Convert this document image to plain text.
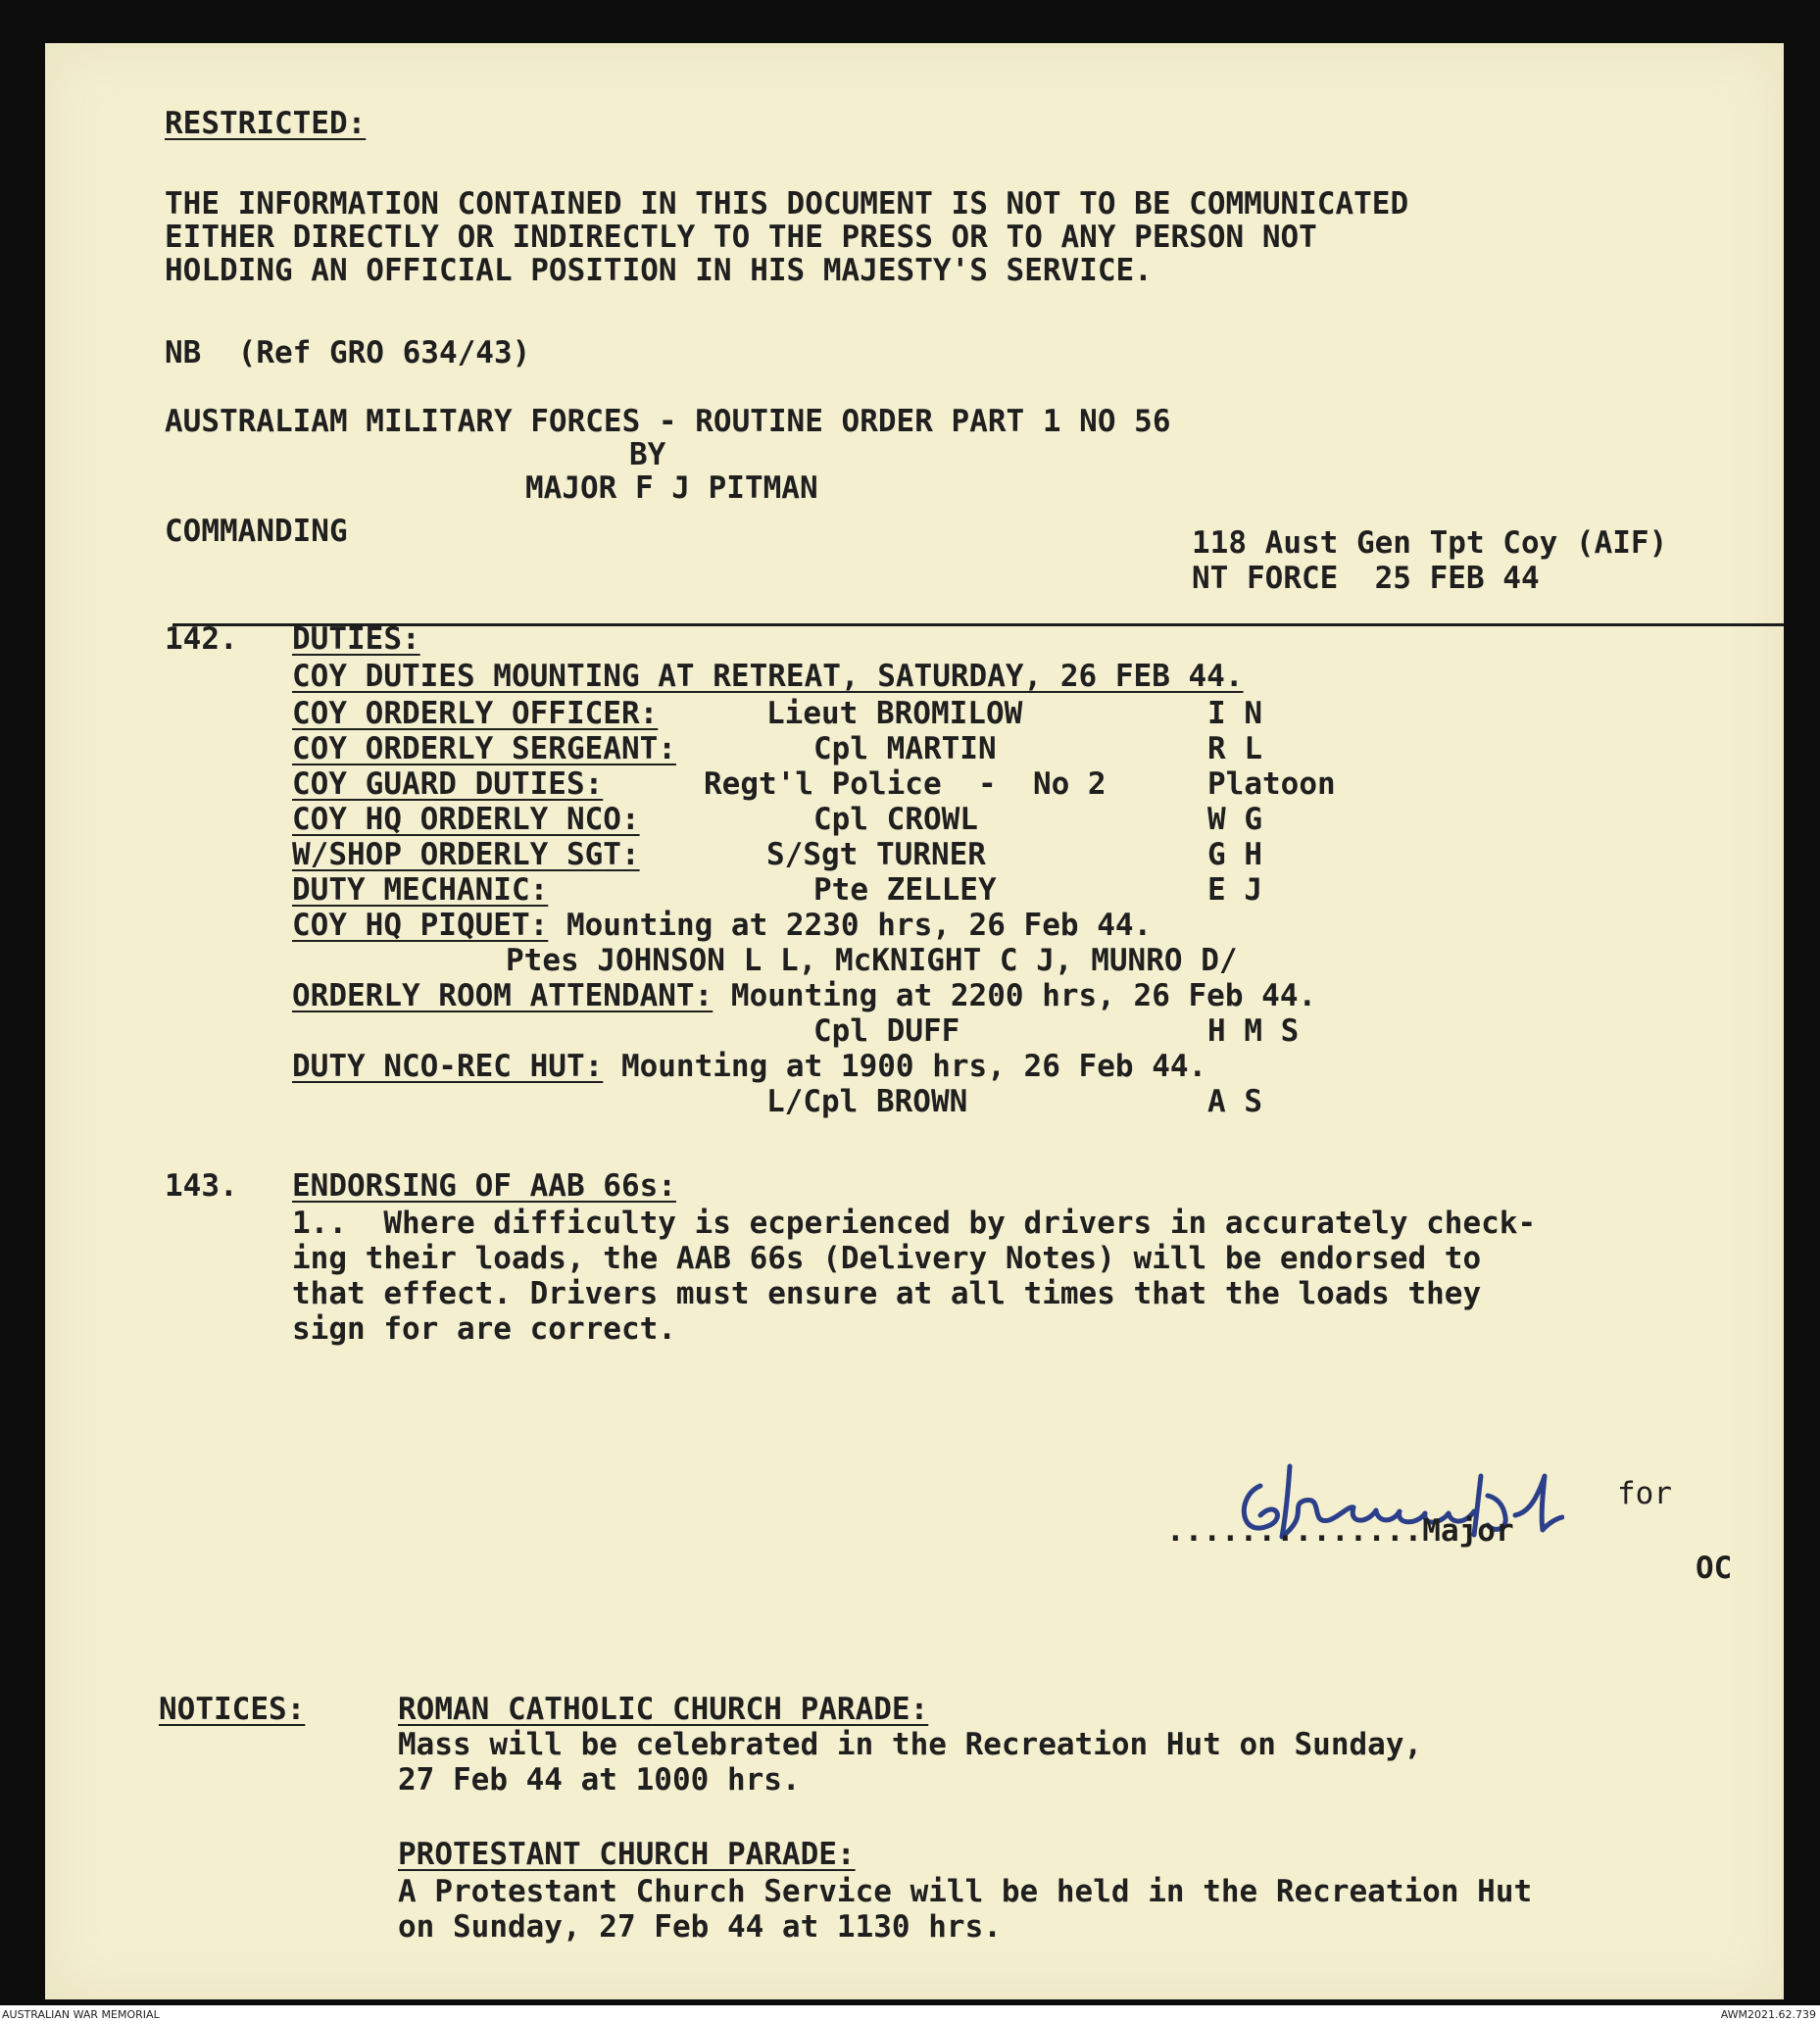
RESTRICTED:
THE INFORMATION CONTAINED IN THIS DOCUMENT IS NOT TO BE COMMUNICATED
EITHER DIRECTLY OR INDIRECTLY TO THE PRESS OR TO ANY PERSON NOT
HOLDING AN OFFICIAL POSITION IN HIS MAJESTY'S SERVICE.
NB  (Ref GRO 634/43)
AUSTRALIAM MILITARY FORCES - ROUTINE ORDER PART 1 NO 56
BY
MAJOR F J PITMAN
COMMANDING	118 Aust Gen Tpt Coy (AIF)
NT FORCE  25 FEB 44
142. DUTIES:
COY DUTIES MOUNTING AT RETREAT, SATURDAY, 26 FEB 44.
COY ORDERLY OFFICER:	Lieut BROMILOW	I N
COY ORDERLY SERGEANT:	Cpl MARTIN	R L
COY GUARD DUTIES:	Regt'l Police  -  No 2	Platoon
COY HQ ORDERLY NCO:	Cpl CROWL	W G
W/SHOP ORDERLY SGT:	S/Sgt TURNER	G H
DUTY MECHANIC:	Pte ZELLEY	E J
COY HQ PIQUET: Mounting at 2230 hrs, 26 Feb 44.
Ptes JOHNSON L L, McKNIGHT C J, MUNRO D/
ORDERLY ROOM ATTENDANT: Mounting at 2200 hrs, 26 Feb 44.
Cpl DUFF	H M S
DUTY NCO-REC HUT: Mounting at 1900 hrs, 26 Feb 44.
L/Cpl BROWN	A S
143. ENDORSING OF AAB 66s:
1..  Where difficulty is ecperienced by drivers in accurately check-
ing their loads, the AAB 66s (Delivery Notes) will be endorsed to
that effect. Drivers must ensure at all times that the loads they
sign for are correct.
for
..............Major
OC
NOTICES:	ROMAN CATHOLIC CHURCH PARADE:
Mass will be celebrated in the Recreation Hut on Sunday,
27 Feb 44 at 1000 hrs.
PROTESTANT CHURCH PARADE:
A Protestant Church Service will be held in the Recreation Hut
on Sunday, 27 Feb 44 at 1130 hrs.
AUSTRALIAN WAR MEMORIAL	AWM2021.62.739
